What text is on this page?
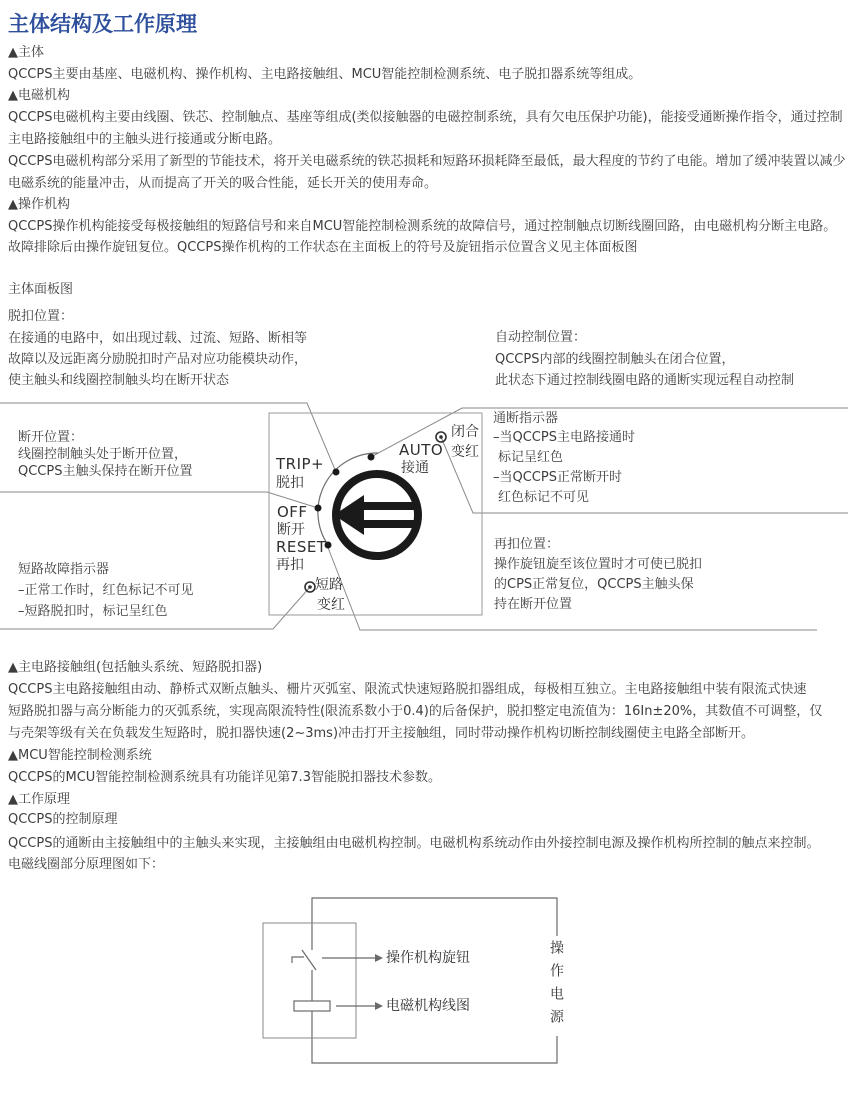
主体结构及工作原理
▲主体
QCCPS主要由基座、电磁机构、操作机构、主电路接触组、MCU智能控制检测系统、电子脱扣器系统等组成。
▲电磁机构
QCCPS电磁机构主要由线圈、铁芯、控制触点、基座等组成(类似接触器的电磁控制系统，具有欠电压保护功能)，能接受通断操作指令，通过控制
主电路接触组中的主触头进行接通或分断电路。
QCCPS电磁机构部分采用了新型的节能技术，将开关电磁系统的铁芯损耗和短路环损耗降至最低，最大程度的节约了电能。增加了缓冲装置以减少
电磁系统的能量冲击，从而提高了开关的吸合性能，延长开关的使用寿命。
▲操作机构
QCCPS操作机构能接受每极接触组的短路信号和来自MCU智能控制检测系统的故障信号，通过控制触点切断线圈回路，由电磁机构分断主电路。
故障排除后由操作旋钮复位。QCCPS操作机构的工作状态在主面板上的符号及旋钮指示位置含义见主体面板图
主体面板图
脱扣位置：
在接通的电路中，如出现过载、过流、短路、断相等
故障以及远距离分励脱扣时产品对应功能模块动作，
使主触头和线圈控制触头均在断开状态
自动控制位置：
QCCPS内部的线圈控制触头在闭合位置，
此状态下通过控制线圈电路的通断实现远程自动控制
断开位置：
线圈控制触头处于断开位置，
QCCPS主触头保持在断开位置
短路故障指示器
–正常工作时，红色标记不可见
–短路脱扣时，标记呈红色
通断指示器
–当QCCPS主电路接通时
标记呈红色
–当QCCPS正常断开时
红色标记不可见
再扣位置：
操作旋钮旋至该位置时才可使已脱扣
的CPS正常复位，QCCPS主触头保
持在断开位置
TRIP+
脱扣
OFF
断开
RESET
再扣
AUTO
接通
闭合
变红
短路
变红
▲主电路接触组(包括触头系统、短路脱扣器)
QCCPS主电路接触组由动、静桥式双断点触头、栅片灭弧室、限流式快速短路脱扣器组成，每极相互独立。主电路接触组中装有限流式快速
短路脱扣器与高分断能力的灭弧系统，实现高限流特性(限流系数小于0.4)的后备保护，脱扣整定电流值为：16In±20%，其数值不可调整，仅
与壳架等级有关在负载发生短路时，脱扣器快速(2~3ms)冲击打开主接触组，同时带动操作机构切断控制线圈使主电路全部断开。
▲MCU智能控制检测系统
QCCPS的MCU智能控制检测系统具有功能详见第7.3智能脱扣器技术参数。
▲工作原理
QCCPS的控制原理
QCCPS的通断由主接触组中的主触头来实现，主接触组由电磁机构控制。电磁机构系统动作由外接控制电源及操作机构所控制的触点来控制。
电磁线圈部分原理图如下：
操作机构旋钮
电磁机构线图	操作电源
